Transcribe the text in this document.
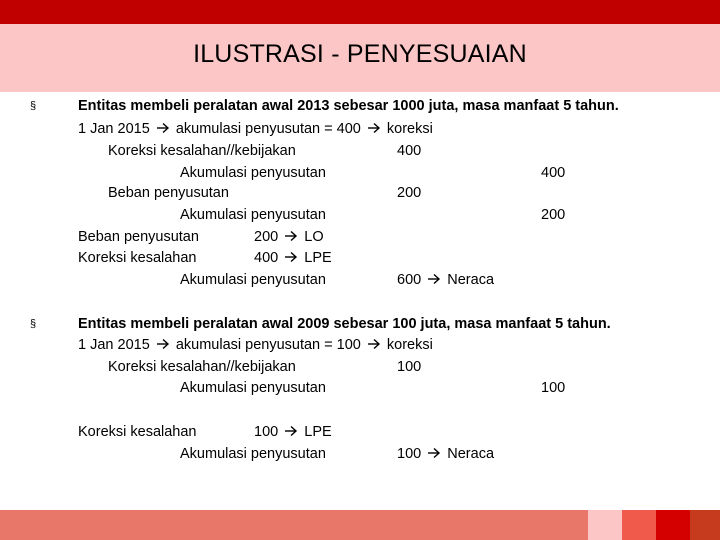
ILUSTRASI - PENYESUAIAN
§	Entitas membeli peralatan awal 2013 sebesar 1000 juta, masa manfaat 5 tahun.
1 Jan 2015 akumulasi penyusutan = 400 koreksi
Koreksi kesalahan//kebijakan	400
Akumulasi penyusutan	400
Beban penyusutan	200
Akumulasi penyusutan	200
Beban penyusutan	200 LO
Koreksi kesalahan	400 LPE
Akumulasi penyusutan	600 Neraca
§	Entitas membeli peralatan awal 2009 sebesar 100 juta, masa manfaat 5 tahun.
1 Jan 2015 akumulasi penyusutan = 100 koreksi
Koreksi kesalahan//kebijakan	100
Akumulasi penyusutan	100
Koreksi kesalahan	100 LPE
Akumulasi penyusutan	100 Neraca
